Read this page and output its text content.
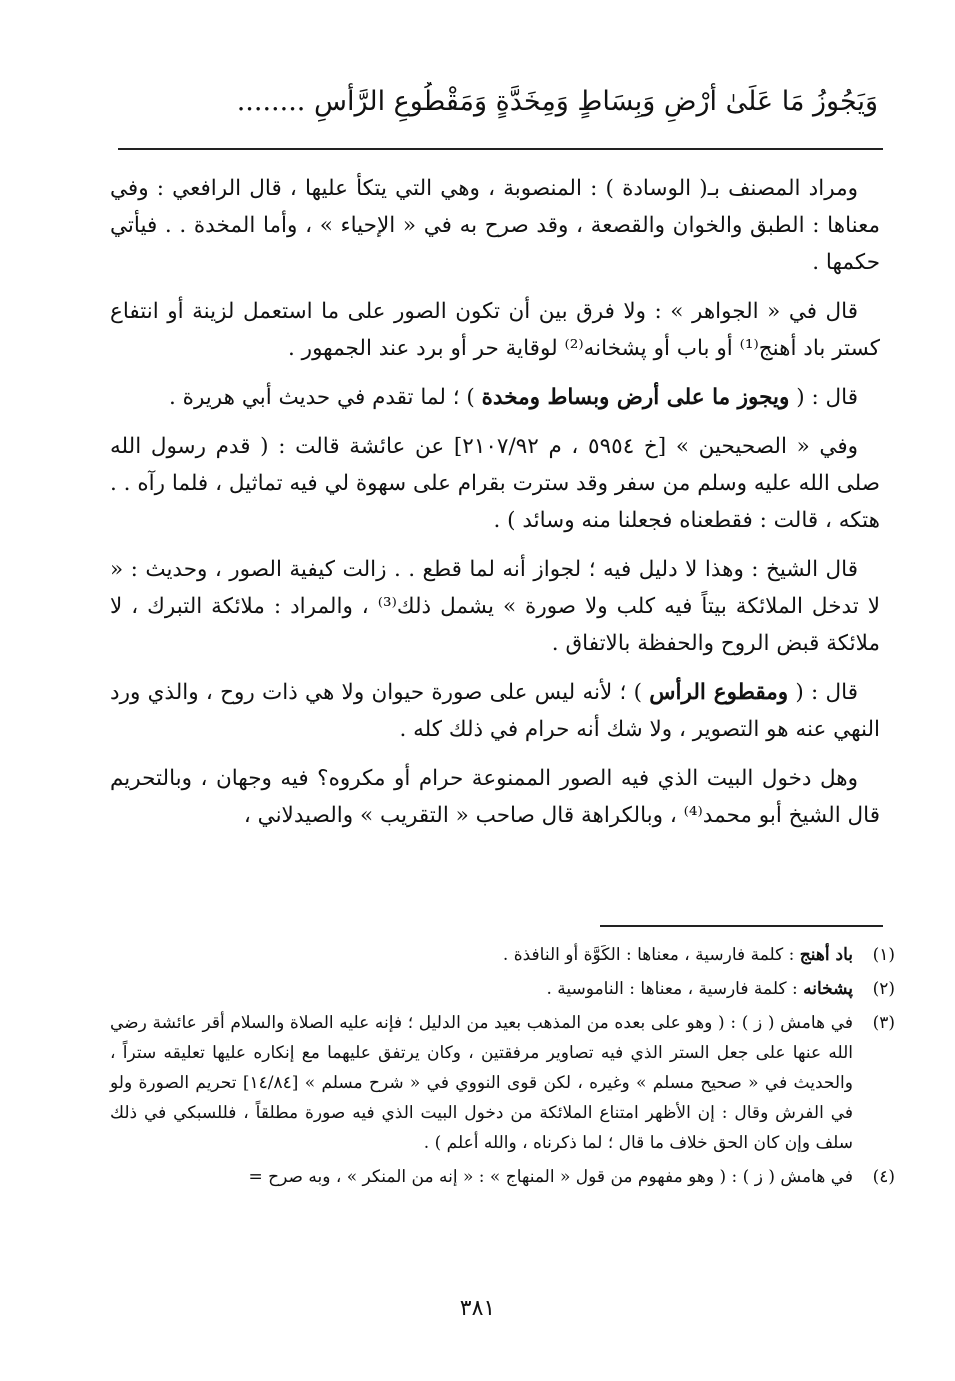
وَيَجُوزُ مَا عَلَىٰ أَرْضٍ وَبِسَاطٍ وَمِخَدَّةٍ وَمَقْطُوعِ الرَّأْسِ ........

ومراد المصنف بـ( الوسادة ) : المنصوبة ، وهي التي يتكأ عليها ، قال الرافعي : وفي معناها : الطبق والخوان والقصعة ، وقد صرح به في « الإحياء » ، وأما المخدة . . فيأتي حكمها .

قال في « الجواهر » : ولا فرق بين أن تكون الصور على ما استعمل لزينة أو انتفاع كستر باد أهنج⁽¹⁾ أو باب أو پشخانه⁽²⁾ لوقاية حر أو برد عند الجمهور .

قال : ( ويجوز ما على أرض وبساط ومخدة ) ؛ لما تقدم في حديث أبي هريرة .

وفي « الصحيحين » [خ ٥٩٥٤ ، م ٢١٠٧/٩٢] عن عائشة قالت : ( قدم رسول الله صلى الله عليه وسلم من سفر وقد سترت بقرام على سهوة لي فيه تماثيل ، فلما رآه . . هتكه ، قالت : فقطعناه فجعلنا منه وسائد ) .

قال الشيخ : وهذا لا دليل فيه ؛ لجواز أنه لما قطع . . زالت كيفية الصور ، وحديث : « لا تدخل الملائكة بيتاً فيه كلب ولا صورة » يشمل ذلك⁽³⁾ ، والمراد : ملائكة التبرك ، لا ملائكة قبض الروح والحفظة بالاتفاق .

قال : ( ومقطوع الرأس ) ؛ لأنه ليس على صورة حيوان ولا هي ذات روح ، والذي ورد النهي عنه هو التصوير ، ولا شك أنه حرام في ذلك كله .

وهل دخول البيت الذي فيه الصور الممنوعة حرام أو مكروه؟ فيه وجهان ، وبالتحريم قال الشيخ أبو محمد⁽⁴⁾ ، وبالكراهة قال صاحب « التقريب » والصيدلاني ،

(١)
باد أهنج : كلمة فارسية ، معناها : الكَوَّة أو النافذة .
(٢)
پشخانه : كلمة فارسية ، معناها : الناموسية .
(٣)
في هامش ( ز ) : ( وهو على بعده من المذهب بعيد من الدليل ؛ فإنه عليه الصلاة والسلام أقر عائشة رضي الله عنها على جعل الستر الذي فيه تصاوير مرفقتين ، وكان يرتفق عليهما مع إنكاره عليها تعليقه ستراً ، والحديث في « صحيح مسلم » وغيره ، لكن قوى النووي في « شرح مسلم » [١٤/٨٤] تحريم الصورة ولو في الفرش وقال : إن الأظهر امتناع الملائكة من دخول البيت الذي فيه صورة مطلقاً ، فللسبكي في ذلك سلف وإن كان الحق خلاف ما قال ؛ لما ذكرناه ، والله أعلم ) .
(٤)
في هامش ( ز ) : ( وهو مفهوم من قول « المنهاج » : « إنه من المنكر » ، وبه صرح =
٣٨١
